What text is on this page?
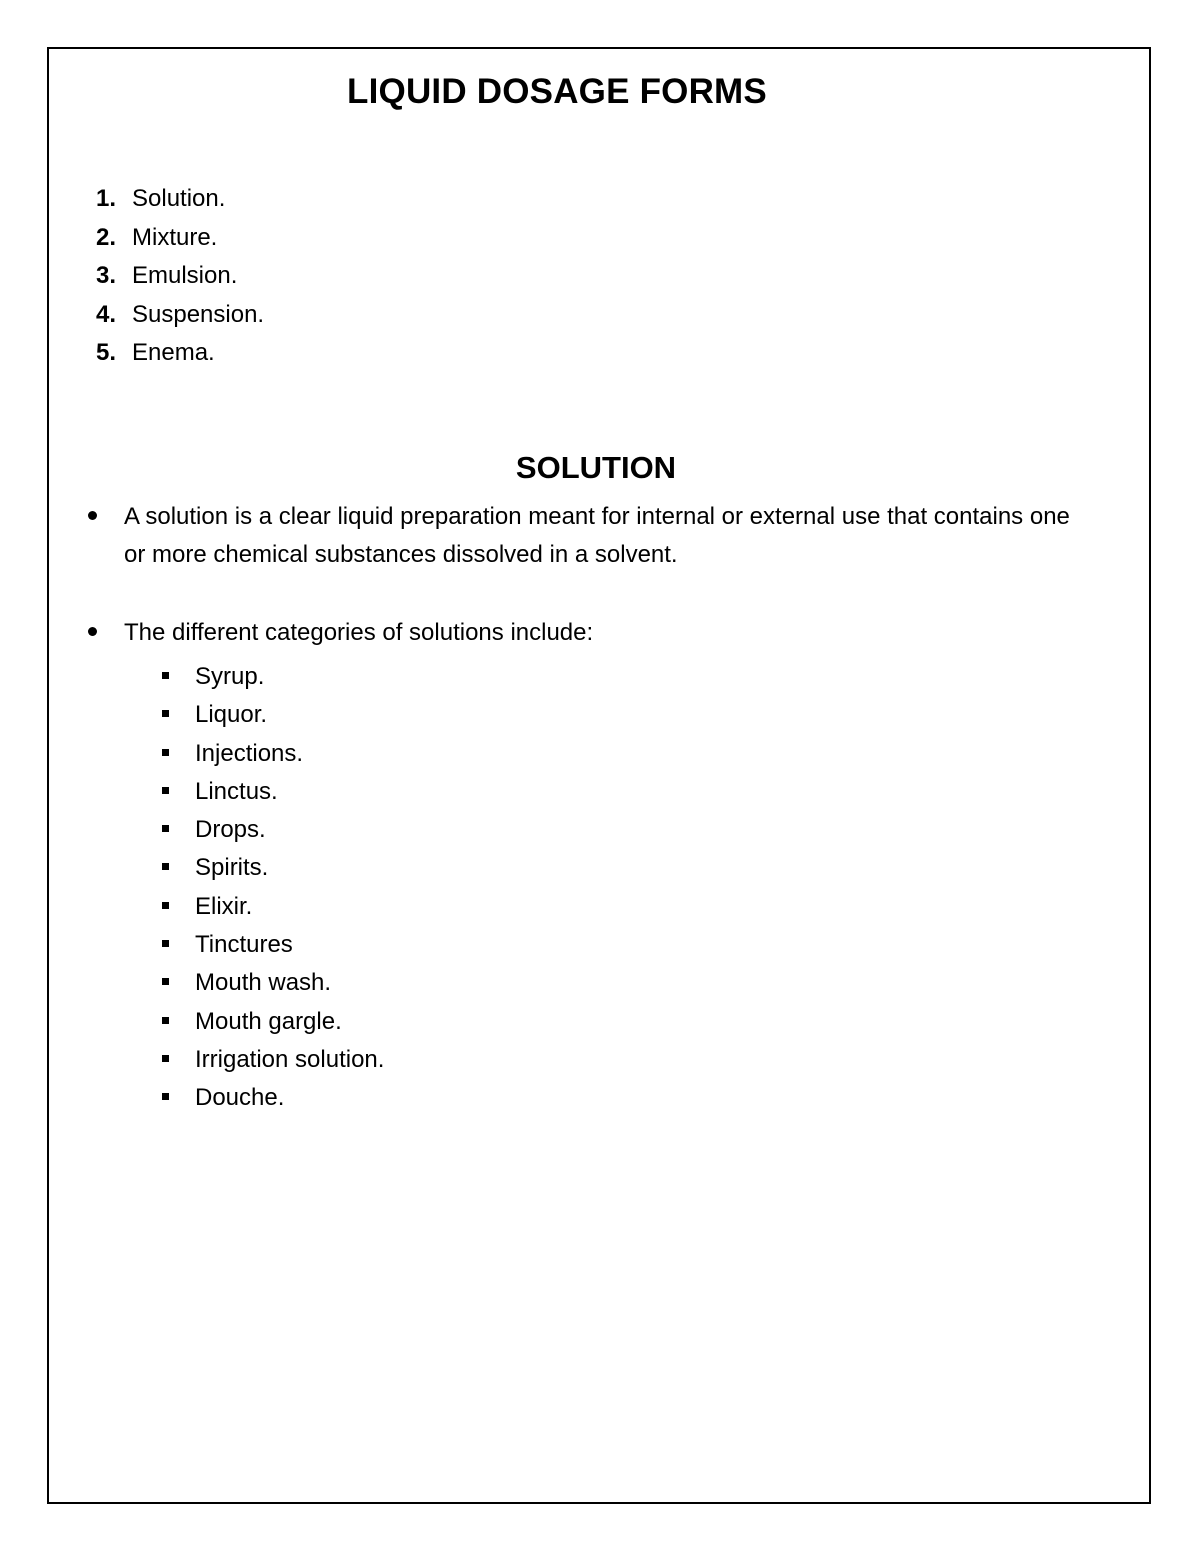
LIQUID DOSAGE FORMS
1. Solution.
2. Mixture.
3. Emulsion.
4. Suspension.
5. Enema.
SOLUTION
A solution is a clear liquid preparation meant for internal or external use that contains one or more chemical substances dissolved in a solvent.
The different categories of solutions include:
Syrup.
Liquor.
Injections.
Linctus.
Drops.
Spirits.
Elixir.
Tinctures
Mouth wash.
Mouth gargle.
Irrigation solution.
Douche.
